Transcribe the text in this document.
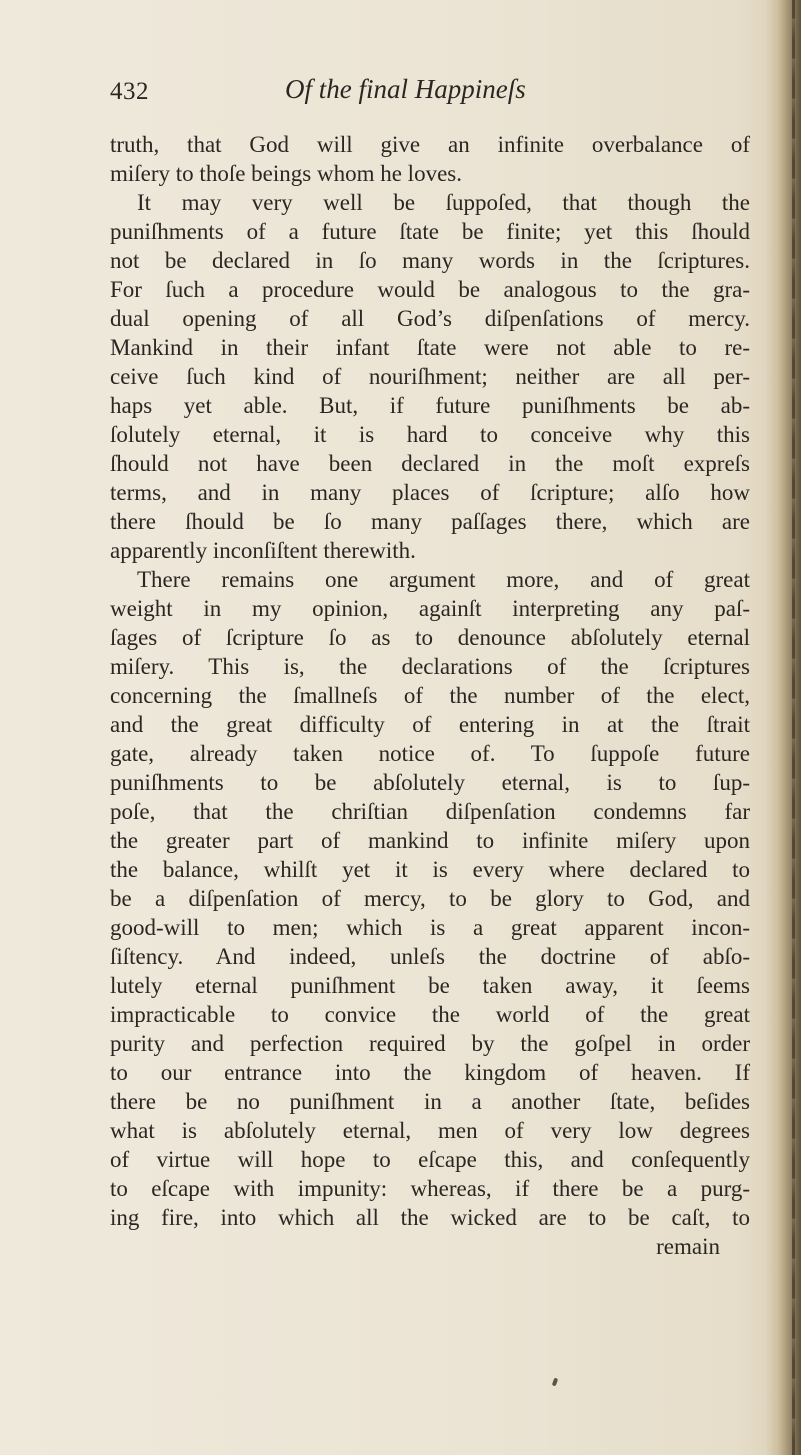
432	Of the final Happineſs
truth, that God will give an infinite overbalance of
miſery to thoſe beings whom he loves.
It may very well be ſuppoſed, that though the
puniſhments of a future ſtate be finite; yet this ſhould
not be declared in ſo many words in the ſcriptures.
For ſuch a procedure would be analogous to the gra-
dual opening of all God’s diſpenſations of mercy.
Mankind in their infant ſtate were not able to re-
ceive ſuch kind of nouriſhment; neither are all per-
haps yet able. But, if future puniſhments be ab-
ſolutely eternal, it is hard to conceive why this
ſhould not have been declared in the moſt expreſs
terms, and in many places of ſcripture; alſo how
there ſhould be ſo many paſſages there, which are
apparently inconſiſtent therewith.
There remains one argument more, and of great
weight in my opinion, againſt interpreting any paſ-
ſages of ſcripture ſo as to denounce abſolutely eternal
miſery. This is, the declarations of the ſcriptures
concerning the ſmallneſs of the number of the elect,
and the great difficulty of entering in at the ſtrait
gate, already taken notice of. To ſuppoſe future
puniſhments to be abſolutely eternal, is to ſup-
poſe, that the chriſtian diſpenſation condemns far
the greater part of mankind to infinite miſery upon
the balance, whilſt yet it is every where declared to
be a diſpenſation of mercy, to be glory to God, and
good-will to men; which is a great apparent incon-
ſiſtency. And indeed, unleſs the doctrine of abſo-
lutely eternal puniſhment be taken away, it ſeems
impracticable to convice the world of the great
purity and perfection required by the goſpel in order
to our entrance into the kingdom of heaven. If
there be no puniſhment in a another ſtate, beſides
what is abſolutely eternal, men of very low degrees
of virtue will hope to eſcape this, and conſequently
to eſcape with impunity: whereas, if there be a purg-
ing fire, into which all the wicked are to be caſt, to
remain
